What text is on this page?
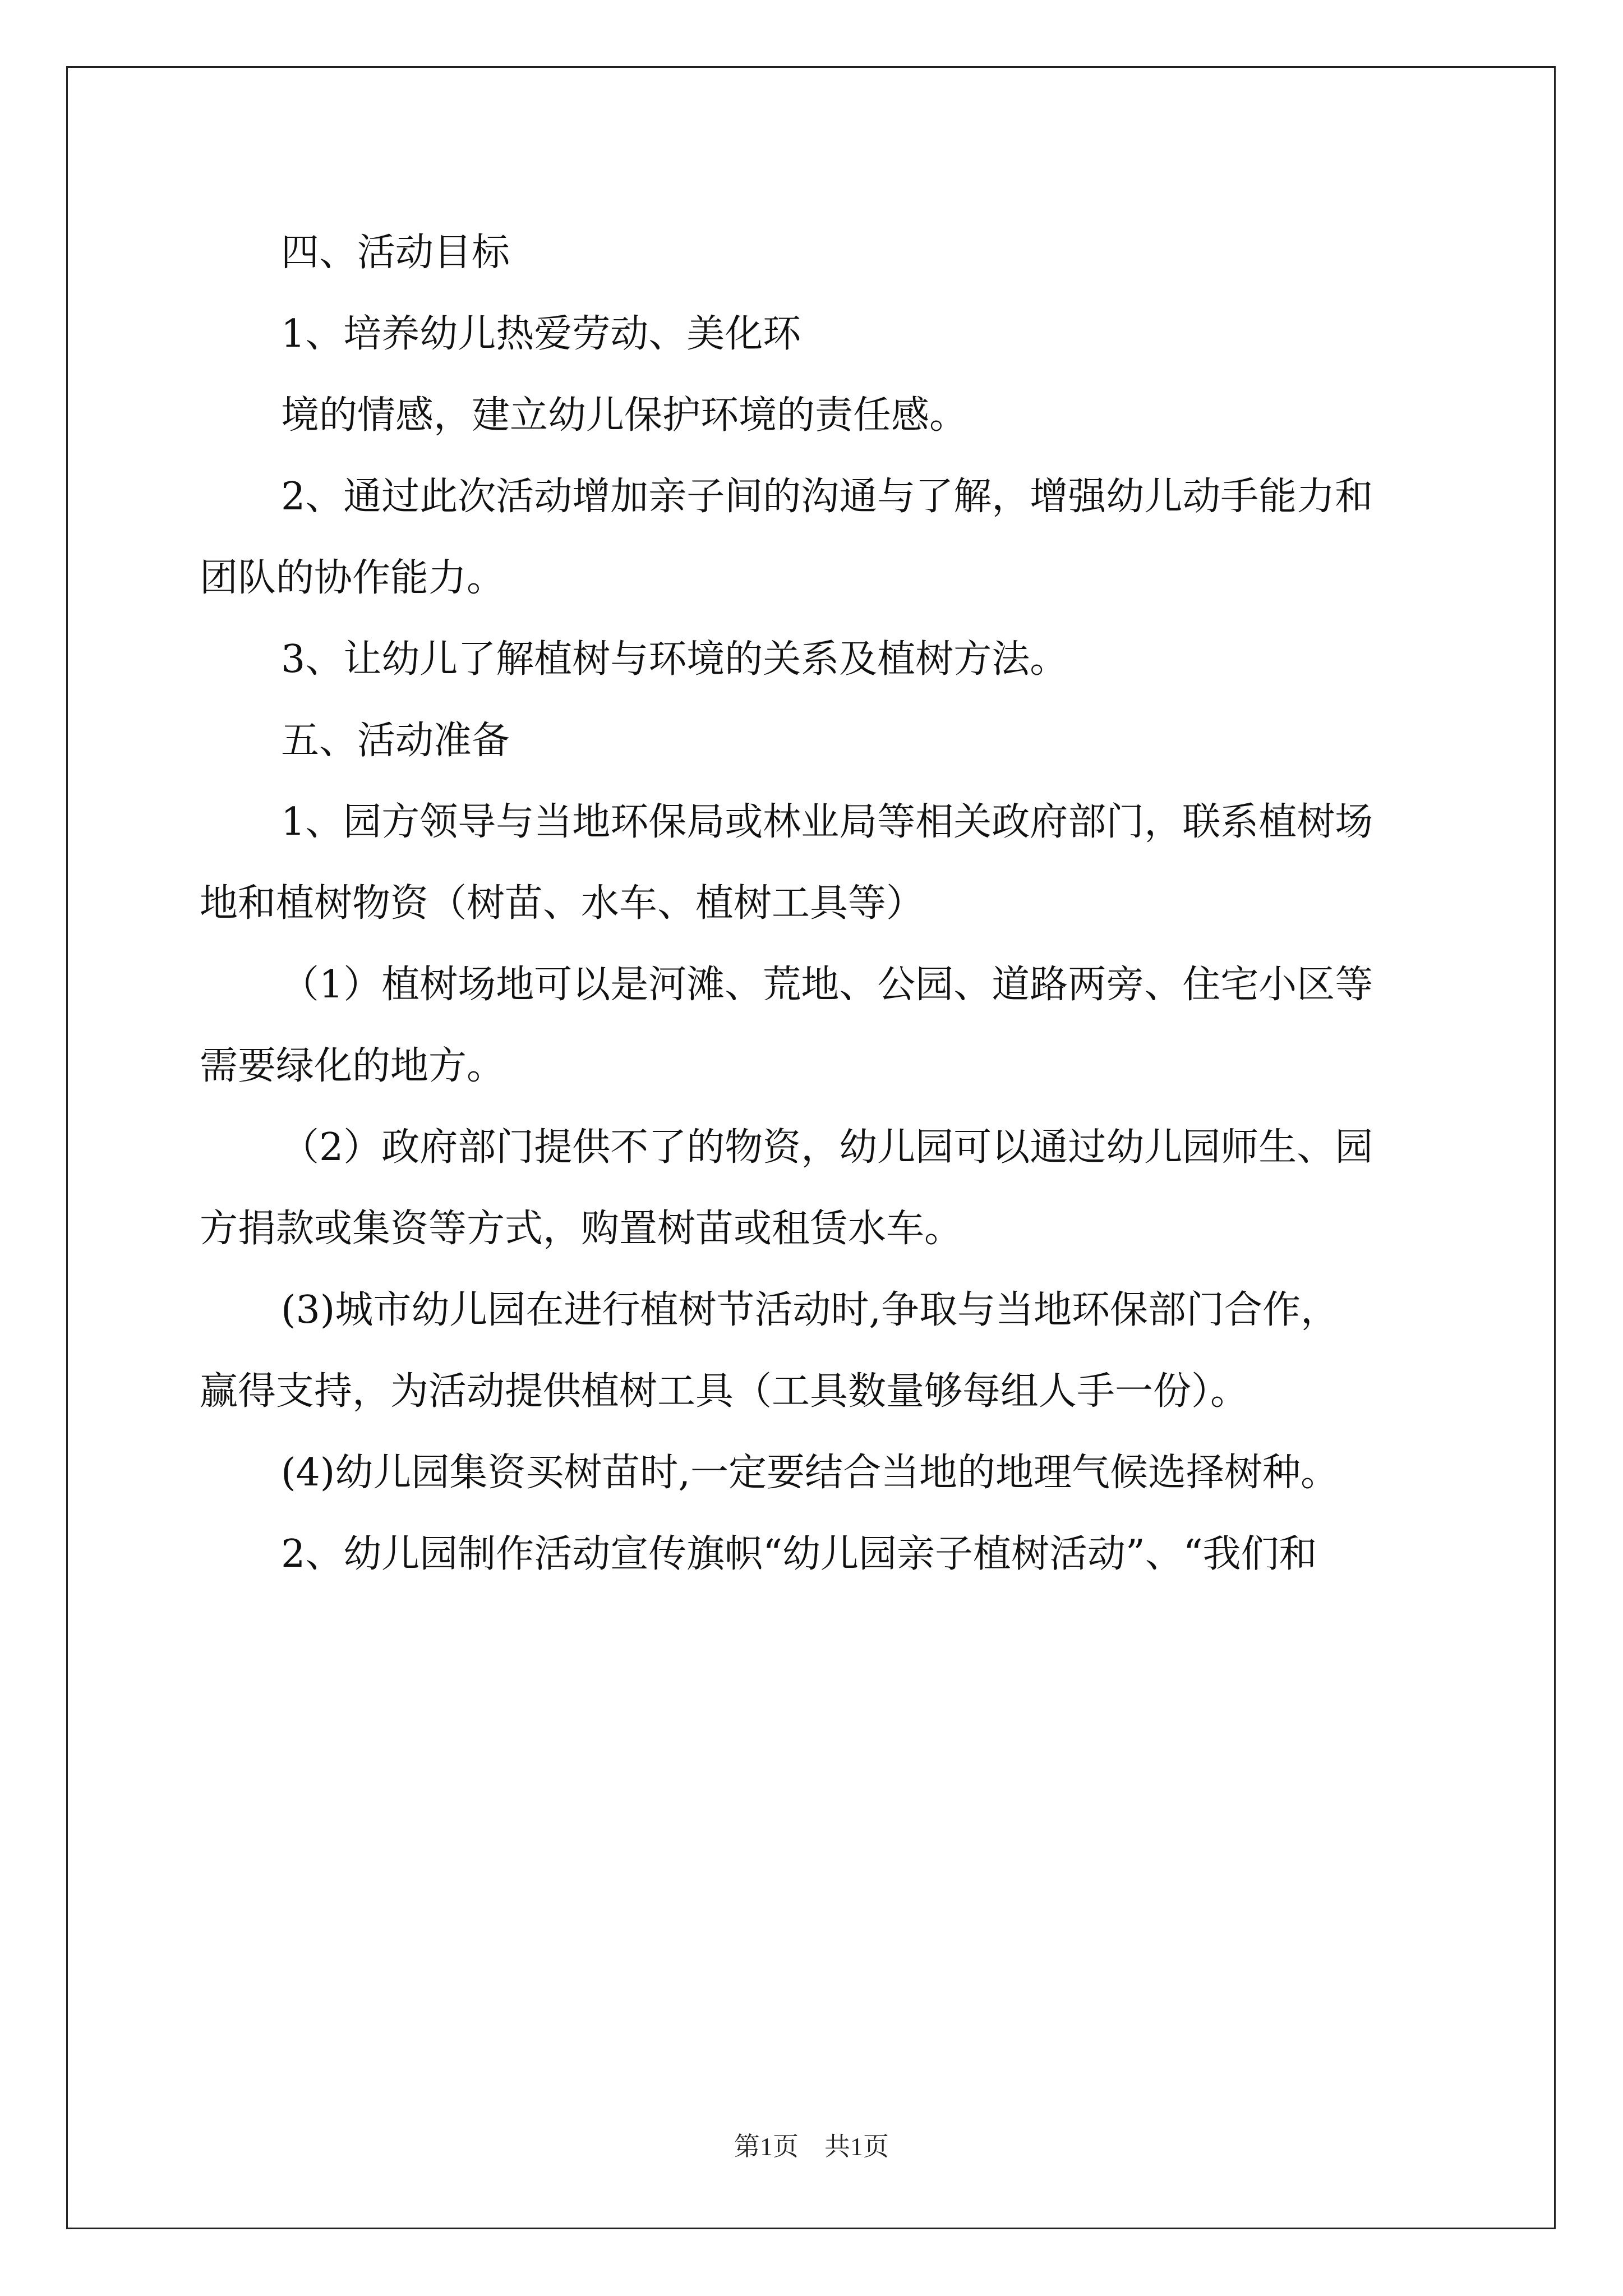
四、活动目标

1、培养幼儿热爱劳动、美化环

境的情感，建立幼儿保护环境的责任感。

2、通过此次活动增加亲子间的沟通与了解，增强幼儿动手能力和

团队的协作能力。

3、让幼儿了解植树与环境的关系及植树方法。

五、活动准备

1、园方领导与当地环保局或林业局等相关政府部门，联系植树场

地和植树物资（树苗、水车、植树工具等）

（1）植树场地可以是河滩、荒地、公园、道路两旁、住宅小区等

需要绿化的地方。

（2）政府部门提供不了的物资，幼儿园可以通过幼儿园师生、园

方捐款或集资等方式，购置树苗或租赁水车。

(3)城市幼儿园在进行植树节活动时,争取与当地环保部门合作，

赢得支持，为活动提供植树工具（工具数量够每组人手一份）。

(4)幼儿园集资买树苗时,一定要结合当地的地理气候选择树种。

2、幼儿园制作活动宣传旗帜“幼儿园亲子植树活动”、“我们和

第1页　共1页
